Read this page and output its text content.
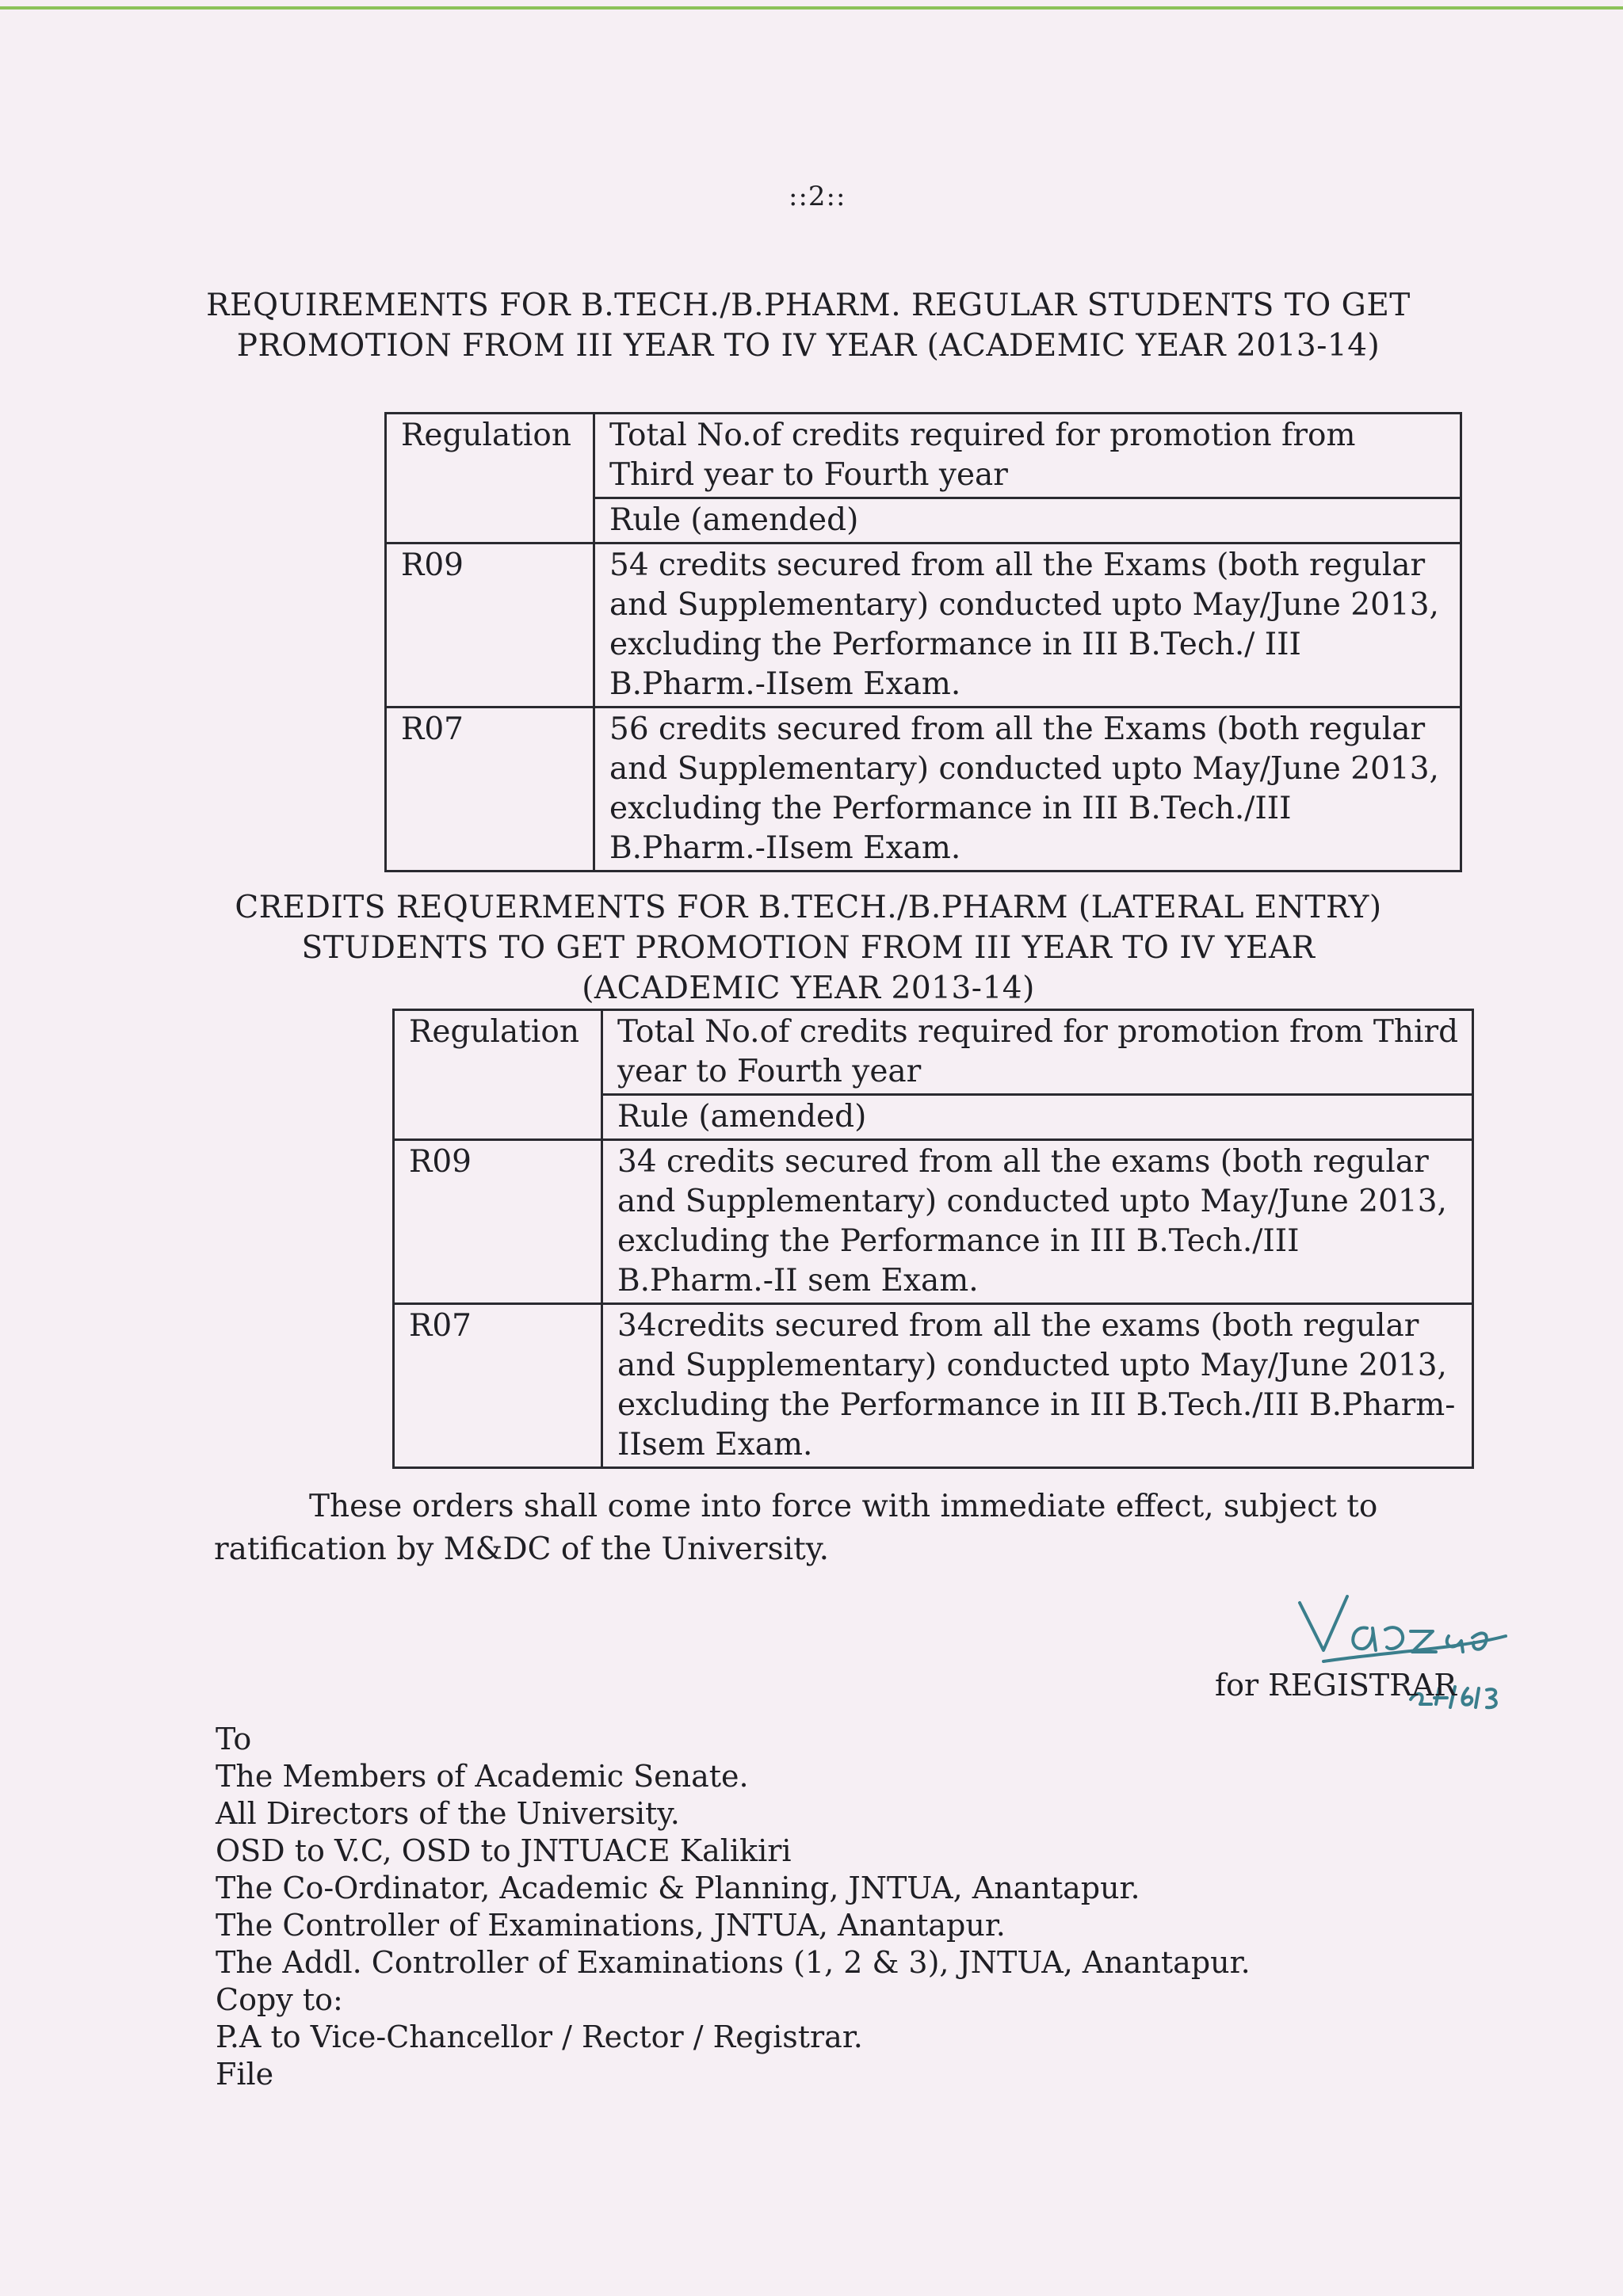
::2::
REQUIREMENTS FOR B.TECH./B.PHARM. REGULAR STUDENTS TO GET
PROMOTION FROM III YEAR TO IV YEAR (ACADEMIC YEAR 2013-14)
Regulation	Total No.of credits required for promotion from Third year to Fourth year
	Rule (amended)
R09	54 credits secured from all the Exams (both regular and Supplementary) conducted upto May/June 2013, excluding the Performance in III B.Tech./ III B.Pharm.-IIsem Exam.
R07	56 credits secured from all the Exams (both regular and Supplementary) conducted upto May/June 2013, excluding the Performance in III B.Tech./III B.Pharm.-IIsem Exam.
CREDITS REQUERMENTS FOR B.TECH./B.PHARM (LATERAL ENTRY)
STUDENTS TO GET PROMOTION FROM III YEAR TO IV YEAR
(ACADEMIC YEAR 2013-14)
Regulation	Total No.of credits required for promotion from Third year to Fourth year
	Rule (amended)
R09	34 credits secured from all the exams (both regular and Supplementary) conducted upto May/June 2013, excluding the Performance in III B.Tech./III B.Pharm.-II sem Exam.
R07	34credits secured from all the exams (both regular and Supplementary) conducted upto May/June 2013, excluding the Performance in III B.Tech./III B.Pharm-IIsem Exam.
These orders shall come into force with immediate effect, subject to ratification by M&DC of the University.
for REGISTRAR
To
The Members of Academic Senate.
All Directors of the University.
OSD to V.C, OSD to JNTUACE Kalikiri
The Co-Ordinator, Academic & Planning, JNTUA, Anantapur.
The Controller of Examinations, JNTUA, Anantapur.
The Addl. Controller of Examinations (1, 2 & 3), JNTUA, Anantapur.
Copy to:
P.A to Vice-Chancellor / Rector / Registrar.
File
